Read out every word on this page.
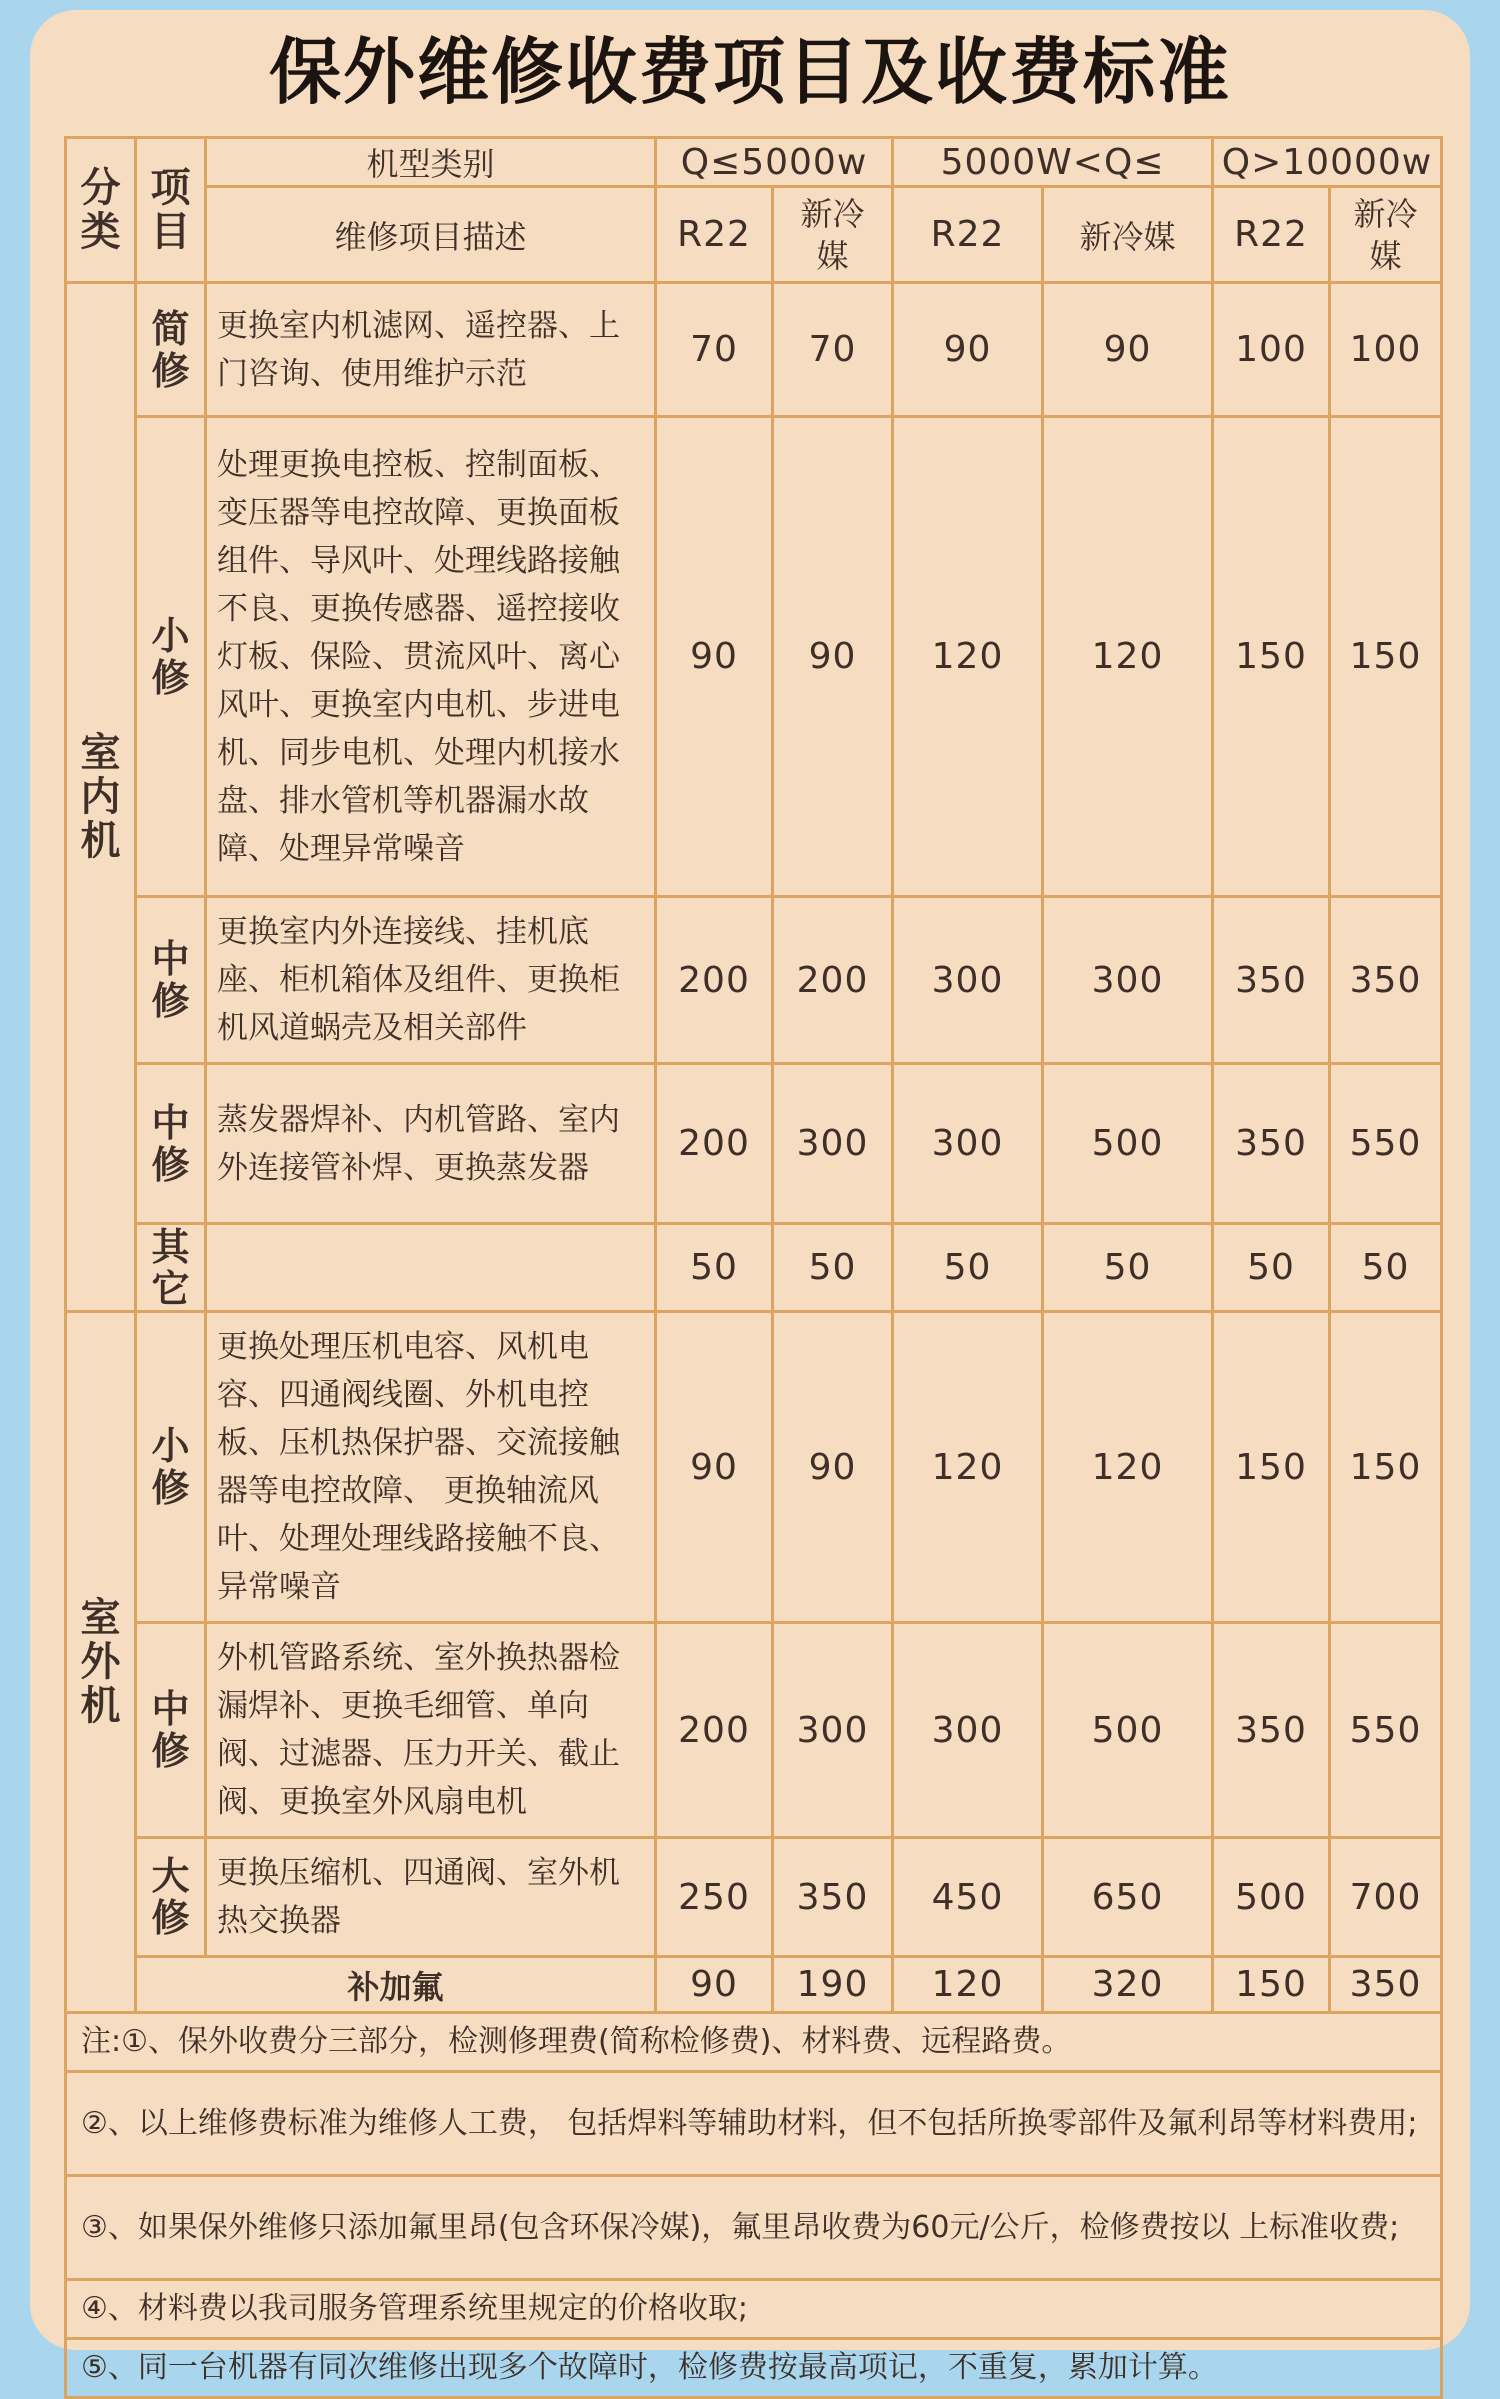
保外维修收费项目及收费标准
分类	项目	机型类别	Q≤5000w		5000W<Q≤		Q>10000w	
		维修项目描述	R22	新冷媒	R22	新冷媒	R22	新冷媒
室内机	简修	更换室内机滤网、遥控器、上门咨询、使用维护示范	70	70	90	90	100	100
	小修	处理更换电控板、控制面板、变压器等电控故障、更换面板组件、导风叶、处理线路接触不良、更换传感器、遥控接收灯板、保险、贯流风叶、离心风叶、更换室内电机、步进电机、同步电机、处理内机接水盘、排水管机等机器漏水故障、处理异常噪音	90	90	120	120	150	150
	中修	更换室内外连接线、挂机底座、柜机箱体及组件、更换柜机风道蜗壳及相关部件	200	200	300	300	350	350
	中修	蒸发器焊补、内机管路、室内外连接管补焊、更换蒸发器	200	300	300	500	350	550
	其它		50	50	50	50	50	50
室外机	小修	更换处理压机电容、风机电容、四通阀线圈、外机电控板、压机热保护器、交流接触器等电控故障、 更换轴流风叶、处理处理线路接触不良、异常噪音	90	90	120	120	150	150
	中修	外机管路系统、室外换热器检漏焊补、更换毛细管、单向阀、过滤器、压力开关、截止阀、更换室外风扇电机	200	300	300	500	350	550
	大修	更换压缩机、四通阀、室外机热交换器	250	350	450	650	500	700
	补加氟		90	190	120	320	150	350
注:①、保外收费分三部分，检测修理费(简称检修费)、材料费、远程路费。								
②、以上维修费标准为维修人工费， 包括焊料等辅助材料，但不包括所换零部件及氟利昂等材料费用;								
③、如果保外维修只添加氟里昂(包含环保冷媒)，氟里昂收费为60元/公斤，检修费按以 上标准收费;								
④、材料费以我司服务管理系统里规定的价格收取;								
⑤、同一台机器有同次维修出现多个故障时，检修费按最高项记，不重复，累加计算。								
